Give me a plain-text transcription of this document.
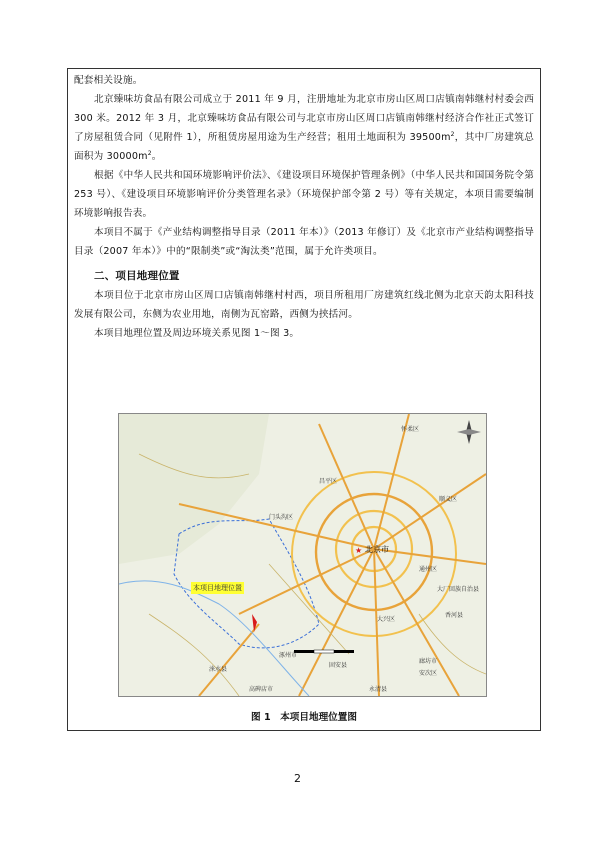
配套相关设施。

北京臻味坊食品有限公司成立于 2011 年 9 月，注册地址为北京市房山区周口店镇南韩继村村委会西 300 米。2012 年 3 月，北京臻味坊食品有限公司与北京市房山区周口店镇南韩继村经济合作社正式签订了房屋租赁合同（见附件 1），所租赁房屋用途为生产经营；租用土地面积为 $39500m^2$，其中厂房建筑总面积为 $30000m^2$。

根据《中华人民共和国环境影响评价法》、《建设项目环境保护管理条例》（中华人民共和国国务院令第 253 号）、《建设项目环境影响评价分类管理名录》（环境保护部令第 2 号）等有关规定，本项目需要编制环境影响报告表。

本项目不属于《产业结构调整指导目录（2011 年本）》（2013 年修订）及《北京市产业结构调整指导目录（2007 年本）》中的“限制类”或“淘汰类”范围，属于允许类项目。

二、项目地理位置

本项目位于北京市房山区周口店镇南韩继村村西，项目所租用厂房建筑红线北侧为北京天韵太阳科技发展有限公司，东侧为农业用地，南侧为瓦窑路，西侧为挟括河。

本项目地理位置及周边环境关系见图 1～图 3。

★
本项目地理位置
北京市
昌平区
顺义区
通州区
大兴区
廊坊市
安次区
固安县
涿州市
永清县
高碑店市
门头沟区
怀柔区
大厂回族自治县
香河县
涞水县
图 1　本项目地理位置图
2
